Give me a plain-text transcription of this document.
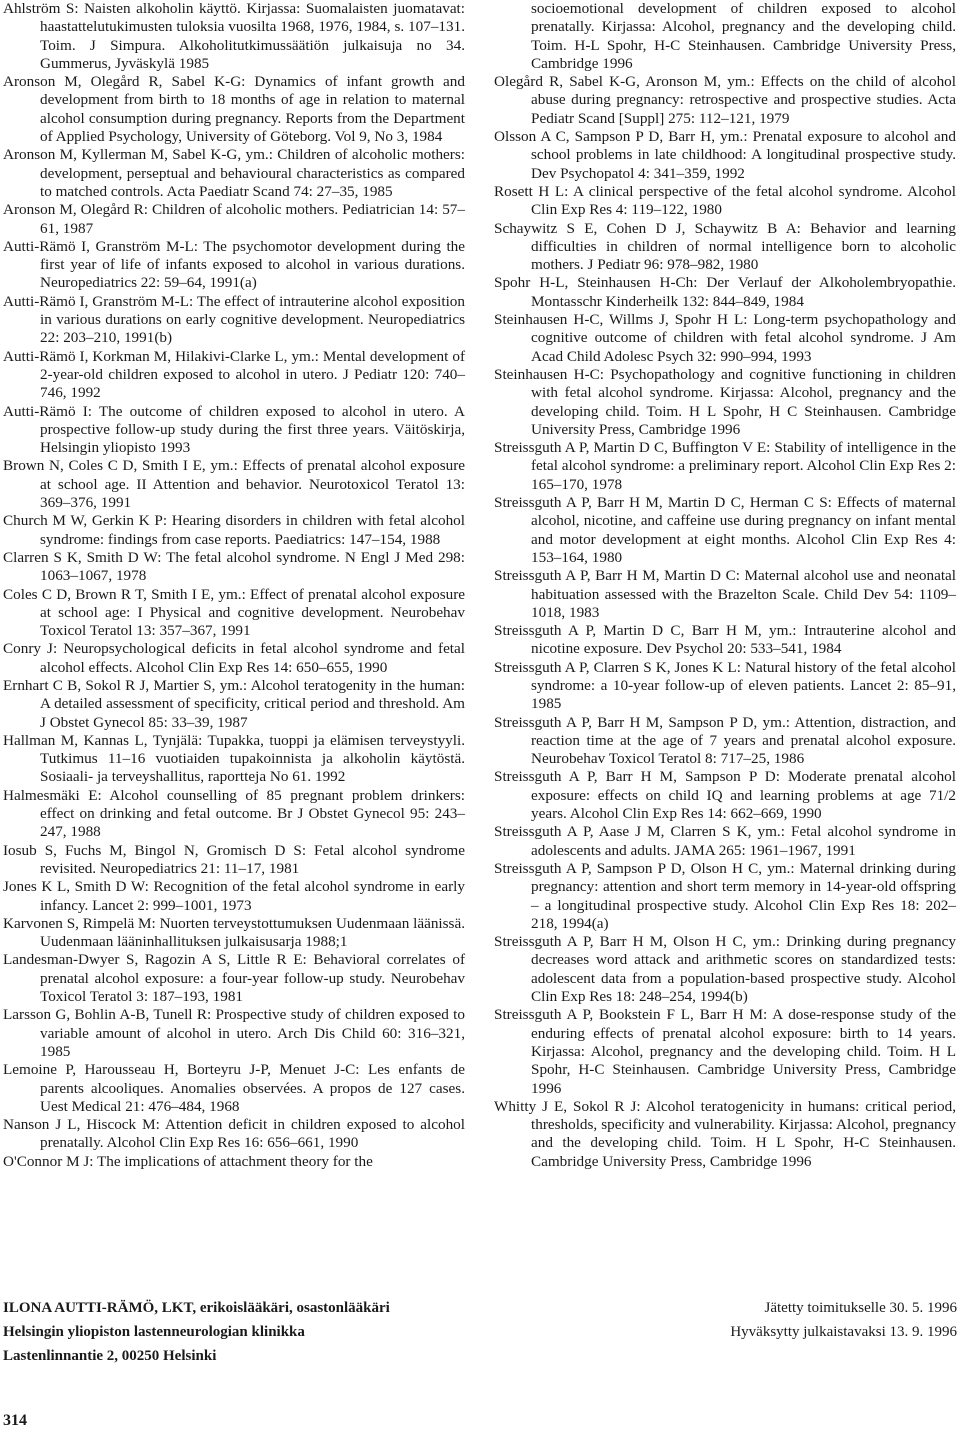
Ahlström S: Naisten alkoholin käyttö. Kirjassa: Suomalaisten juomatavat: haastattelutukimusten tuloksia vuosilta 1968, 1976, 1984, s. 107–131. Toim. J Simpura. Alkoholitutkimussäätiön julkaisuja no 34. Gummerus, Jyväskylä 1985

Aronson M, Olegård R, Sabel K-G: Dynamics of infant growth and development from birth to 18 months of age in relation to maternal alcohol consumption during pregnancy. Reports from the Department of Applied Psychology, University of Göteborg. Vol 9, No 3, 1984

Aronson M, Kyllerman M, Sabel K-G, ym.: Children of alcoholic mothers: development, perseptual and behavioural characteristics as compared to matched controls. Acta Paediatr Scand 74: 27–35, 1985

Aronson M, Olegård R: Children of alcoholic mothers. Pediatrician 14: 57–61, 1987

Autti-Rämö I, Granström M-L: The psychomotor development during the first year of life of infants exposed to alcohol in various durations. Neuropediatrics 22: 59–64, 1991(a)

Autti-Rämö I, Granström M-L: The effect of intrauterine alcohol exposition in various durations on early cognitive development. Neuropediatrics 22: 203–210, 1991(b)

Autti-Rämö I, Korkman M, Hilakivi-Clarke L, ym.: Mental development of 2-year-old children exposed to alcohol in utero. J Pediatr 120: 740–746, 1992

Autti-Rämö I: The outcome of children exposed to alcohol in utero. A prospective follow-up study during the first three years. Väitöskirja, Helsingin yliopisto 1993

Brown N, Coles C D, Smith I E, ym.: Effects of prenatal alcohol exposure at school age. II Attention and behavior. Neurotoxicol Teratol 13: 369–376, 1991

Church M W, Gerkin K P: Hearing disorders in children with fetal alcohol syndrome: findings from case reports. Paediatrics: 147–154, 1988

Clarren S K, Smith D W: The fetal alcohol syndrome. N Engl J Med 298: 1063–1067, 1978

Coles C D, Brown R T, Smith I E, ym.: Effect of prenatal alcohol exposure at school age: I Physical and cognitive development. Neurobehav Toxicol Teratol 13: 357–367, 1991

Conry J: Neuropsychological deficits in fetal alcohol syndrome and fetal alcohol effects. Alcohol Clin Exp Res 14: 650–655, 1990

Ernhart C B, Sokol R J, Martier S, ym.: Alcohol teratogenity in the human: A detailed assessment of specificity, critical period and threshold. Am J Obstet Gynecol 85: 33–39, 1987

Hallman M, Kannas L, Tynjälä: Tupakka, tuoppi ja elämisen terveystyyli. Tutkimus 11–16 vuotiaiden tupakoinnista ja alkoholin käytöstä. Sosiaali- ja terveyshallitus, raportteja No 61. 1992

Halmesmäki E: Alcohol counselling of 85 pregnant problem drinkers: effect on drinking and fetal outcome. Br J Obstet Gynecol 95: 243–247, 1988

Iosub S, Fuchs M, Bingol N, Gromisch D S: Fetal alcohol syndrome revisited. Neuropediatrics 21: 11–17, 1981

Jones K L, Smith D W: Recognition of the fetal alcohol syndrome in early infancy. Lancet 2: 999–1001, 1973

Karvonen S, Rimpelä M: Nuorten terveystottumuksen Uudenmaan läänissä. Uudenmaan lääninhallituksen julkaisusarja 1988;1

Landesman-Dwyer S, Ragozin A S, Little R E: Behavioral correlates of prenatal alcohol exposure: a four-year follow-up study. Neurobehav Toxicol Teratol 3: 187–193, 1981

Larsson G, Bohlin A-B, Tunell R: Prospective study of children exposed to variable amount of alcohol in utero. Arch Dis Child 60: 316–321, 1985

Lemoine P, Harousseau H, Borteyru J-P, Menuet J-C: Les enfants de parents alcooliques. Anomalies observées. A propos de 127 cases. Uest Medical 21: 476–484, 1968

Nanson J L, Hiscock M: Attention deficit in children exposed to alcohol prenatally. Alcohol Clin Exp Res 16: 656–661, 1990

O'Connor M J: The implications of attachment theory for the

socioemotional development of children exposed to alcohol prenatally. Kirjassa: Alcohol, pregnancy and the developing child. Toim. H-L Spohr, H-C Steinhausen. Cambridge University Press, Cambridge 1996

Olegård R, Sabel K-G, Aronson M, ym.: Effects on the child of alcohol abuse during pregnancy: retrospective and prospective studies. Acta Pediatr Scand [Suppl] 275: 112–121, 1979

Olsson A C, Sampson P D, Barr H, ym.: Prenatal exposure to alcohol and school problems in late childhood: A longitudinal prospective study. Dev Psychopatol 4: 341–359, 1992

Rosett H L: A clinical perspective of the fetal alcohol syndrome. Alcohol Clin Exp Res 4: 119–122, 1980

Schaywitz S E, Cohen D J, Schaywitz B A: Behavior and learning difficulties in children of normal intelligence born to alcoholic mothers. J Pediatr 96: 978–982, 1980

Spohr H-L, Steinhausen H-Ch: Der Verlauf der Alkoholembryopathie. Montasschr Kinderheilk 132: 844–849, 1984

Steinhausen H-C, Willms J, Spohr H L: Long-term psychopathology and cognitive outcome of children with fetal alcohol syndrome. J Am Acad Child Adolesc Psych 32: 990–994, 1993

Steinhausen H-C: Psychopathology and cognitive functioning in children with fetal alcohol syndrome. Kirjassa: Alcohol, pregnancy and the developing child. Toim. H L Spohr, H C Steinhausen. Cambridge University Press, Cambridge 1996

Streissguth A P, Martin D C, Buffington V E: Stability of intelligence in the fetal alcohol syndrome: a preliminary report. Alcohol Clin Exp Res 2: 165–170, 1978

Streissguth A P, Barr H M, Martin D C, Herman C S: Effects of maternal alcohol, nicotine, and caffeine use during pregnancy on infant mental and motor development at eight months. Alcohol Clin Exp Res 4: 153–164, 1980

Streissguth A P, Barr H M, Martin D C: Maternal alcohol use and neonatal habituation assessed with the Brazelton Scale. Child Dev 54: 1109–1018, 1983

Streissguth A P, Martin D C, Barr H M, ym.: Intrauterine alcohol and nicotine exposure. Dev Psychol 20: 533–541, 1984

Streissguth A P, Clarren S K, Jones K L: Natural history of the fetal alcohol syndrome: a 10-year follow-up of eleven patients. Lancet 2: 85–91, 1985

Streissguth A P, Barr H M, Sampson P D, ym.: Attention, distraction, and reaction time at the age of 7 years and prenatal alcohol exposure. Neurobehav Toxicol Teratol 8: 717–25, 1986

Streissguth A P, Barr H M, Sampson P D: Moderate prenatal alcohol exposure: effects on child IQ and learning problems at age 71/2 years. Alcohol Clin Exp Res 14: 662–669, 1990

Streissguth A P, Aase J M, Clarren S K, ym.: Fetal alcohol syndrome in adolescents and adults. JAMA 265: 1961–1967, 1991

Streissguth A P, Sampson P D, Olson H C, ym.: Maternal drinking during pregnancy: attention and short term memory in 14-year-old offspring – a longitudinal prospective study. Alcohol Clin Exp Res 18: 202–218, 1994(a)

Streissguth A P, Barr H M, Olson H C, ym.: Drinking during pregnancy decreases word attack and arithmetic scores on standardized tests: adolescent data from a population-based prospective study. Alcohol Clin Exp Res 18: 248–254, 1994(b)

Streissguth A P, Bookstein F L, Barr H M: A dose-response study of the enduring effects of prenatal alcohol exposure: birth to 14 years. Kirjassa: Alcohol, pregnancy and the developing child. Toim. H L Spohr, H-C Steinhausen. Cambridge University Press, Cambridge 1996

Whitty J E, Sokol R J: Alcohol teratogenicity in humans: critical period, thresholds, specificity and vulnerability. Kirjassa: Alcohol, pregnancy and the developing child. Toim. H L Spohr, H-C Steinhausen. Cambridge University Press, Cambridge 1996

ILONA AUTTI-RÄMÖ, LKT, erikoislääkäri, osastonlääkäri
Helsingin yliopiston lastenneurologian klinikka
Lastenlinnantie 2, 00250 Helsinki
Jätetty toimitukselle 30. 5. 1996
Hyväksytty julkaistavaksi 13. 9. 1996
314
